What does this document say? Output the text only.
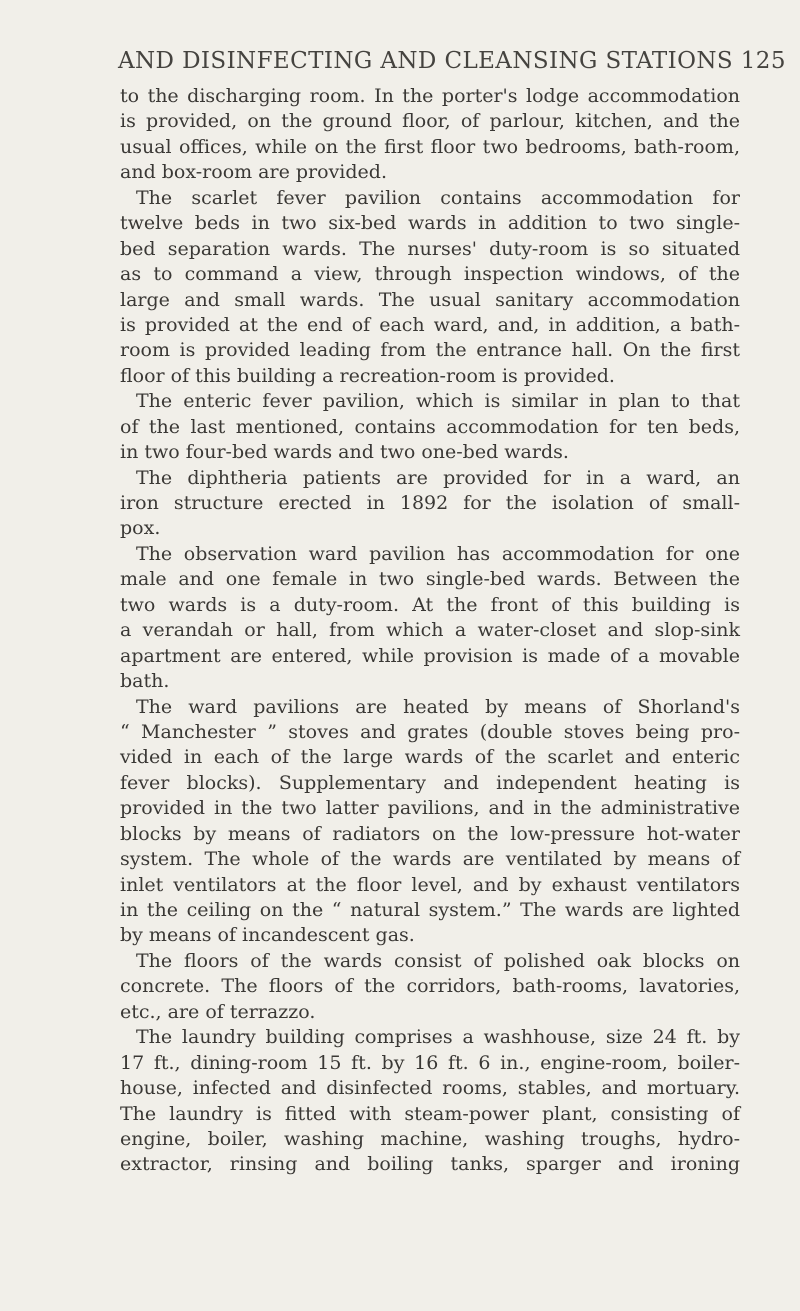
AND DISINFECTING AND CLEANSING STATIONS 125
to the discharging room. In the porter's lodge accommodation
is provided, on the ground floor, of parlour, kitchen, and the
usual offices, while on the first floor two bedrooms, bath-room,
and box-room are provided.
The scarlet fever pavilion contains accommodation for
twelve beds in two six-bed wards in addition to two single-
bed separation wards. The nurses' duty-room is so situated
as to command a view, through inspection windows, of the
large and small wards. The usual sanitary accommodation
is provided at the end of each ward, and, in addition, a bath-
room is provided leading from the entrance hall. On the first
floor of this building a recreation-room is provided.
The enteric fever pavilion, which is similar in plan to that
of the last mentioned, contains accommodation for ten beds,
in two four-bed wards and two one-bed wards.
The diphtheria patients are provided for in a ward, an
iron structure erected in 1892 for the isolation of small-
pox.
The observation ward pavilion has accommodation for one
male and one female in two single-bed wards. Between the
two wards is a duty-room. At the front of this building is
a verandah or hall, from which a water-closet and slop-sink
apartment are entered, while provision is made of a movable
bath.
The ward pavilions are heated by means of Shorland's
“ Manchester ” stoves and grates (double stoves being pro-
vided in each of the large wards of the scarlet and enteric
fever blocks). Supplementary and independent heating is
provided in the two latter pavilions, and in the administrative
blocks by means of radiators on the low-pressure hot-water
system. The whole of the wards are ventilated by means of
inlet ventilators at the floor level, and by exhaust ventilators
in the ceiling on the “ natural system.” The wards are lighted
by means of incandescent gas.
The floors of the wards consist of polished oak blocks on
concrete. The floors of the corridors, bath-rooms, lavatories,
etc., are of terrazzo.
The laundry building comprises a washhouse, size 24 ft. by
17 ft., dining-room 15 ft. by 16 ft. 6 in., engine-room, boiler-
house, infected and disinfected rooms, stables, and mortuary.
The laundry is fitted with steam-power plant, consisting of
engine, boiler, washing machine, washing troughs, hydro-
extractor, rinsing and boiling tanks, sparger and ironing
